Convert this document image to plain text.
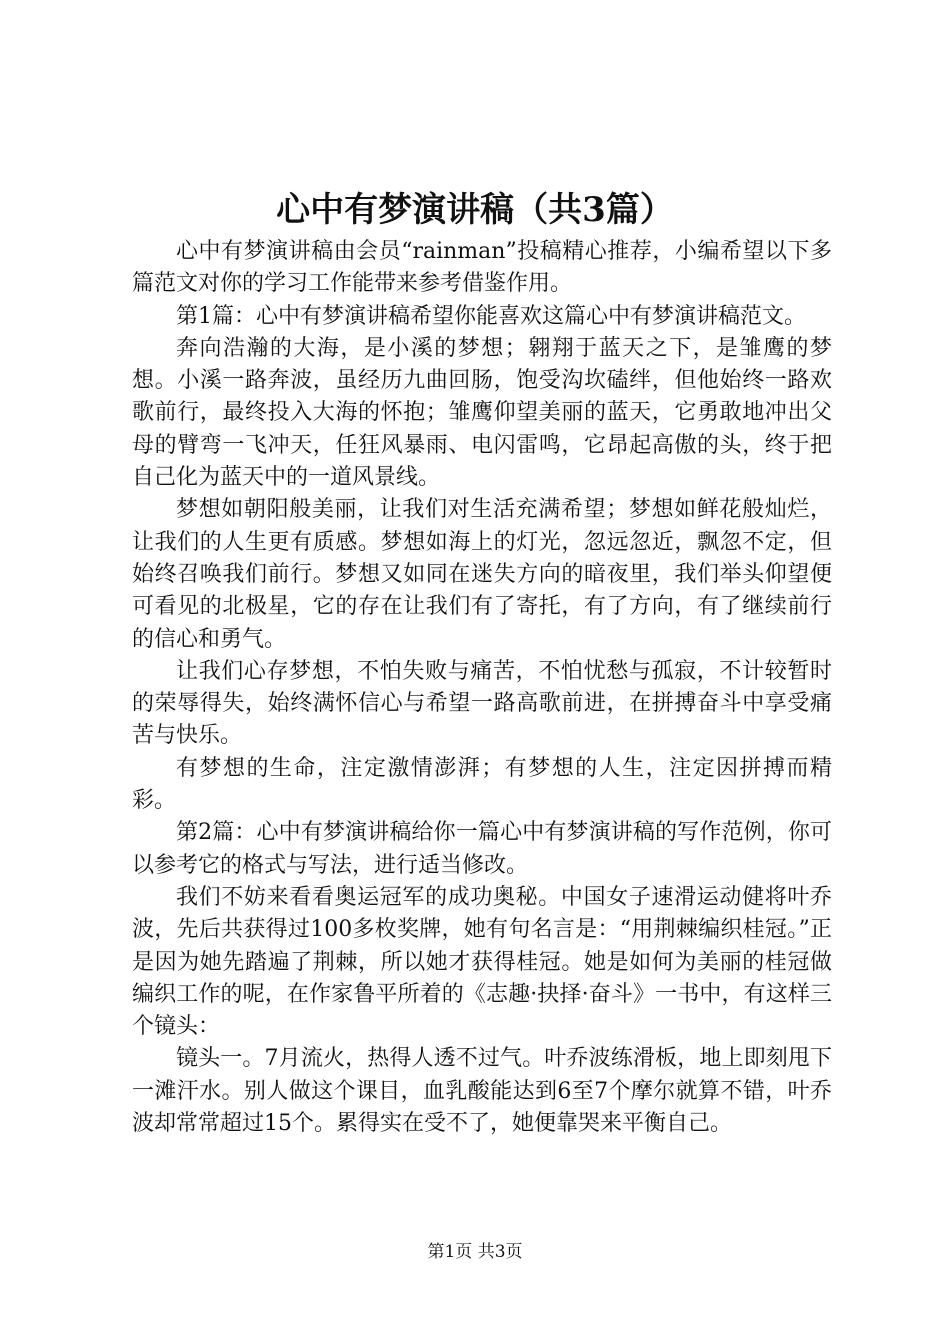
心中有梦演讲稿（共3篇）

心中有梦演讲稿由会员“rainman”投稿精心推荐，小编希望以下多篇范文对你的学习工作能带来参考借鉴作用。

第1篇：心中有梦演讲稿希望你能喜欢这篇心中有梦演讲稿范文。

奔向浩瀚的大海，是小溪的梦想；翱翔于蓝天之下，是雏鹰的梦想。小溪一路奔波，虽经历九曲回肠，饱受沟坎磕绊，但他始终一路欢歌前行，最终投入大海的怀抱；雏鹰仰望美丽的蓝天，它勇敢地冲出父母的臂弯一飞冲天，任狂风暴雨、电闪雷鸣，它昂起高傲的头，终于把自己化为蓝天中的一道风景线。

梦想如朝阳般美丽，让我们对生活充满希望；梦想如鲜花般灿烂，让我们的人生更有质感。梦想如海上的灯光，忽远忽近，飘忽不定，但始终召唤我们前行。梦想又如同在迷失方向的暗夜里，我们举头仰望便可看见的北极星，它的存在让我们有了寄托，有了方向，有了继续前行的信心和勇气。

让我们心存梦想，不怕失败与痛苦，不怕忧愁与孤寂，不计较暂时的荣辱得失，始终满怀信心与希望一路高歌前进，在拼搏奋斗中享受痛苦与快乐。

有梦想的生命，注定激情澎湃；有梦想的人生，注定因拼搏而精彩。

第2篇：心中有梦演讲稿给你一篇心中有梦演讲稿的写作范例，你可以参考它的格式与写法，进行适当修改。

我们不妨来看看奥运冠军的成功奥秘。中国女子速滑运动健将叶乔波，先后共获得过100多枚奖牌，她有句名言是：“用荆棘编织桂冠。”正是因为她先踏遍了荆棘，所以她才获得桂冠。她是如何为美丽的桂冠做编织工作的呢，在作家鲁平所着的《志趣·抉择·奋斗》一书中，有这样三个镜头：

镜头一。7月流火，热得人透不过气。叶乔波练滑板，地上即刻甩下一滩汗水。别人做这个课目，血乳酸能达到6至7个摩尔就算不错，叶乔波却常常超过15个。累得实在受不了，她便靠哭来平衡自己。

第1页 共3页
